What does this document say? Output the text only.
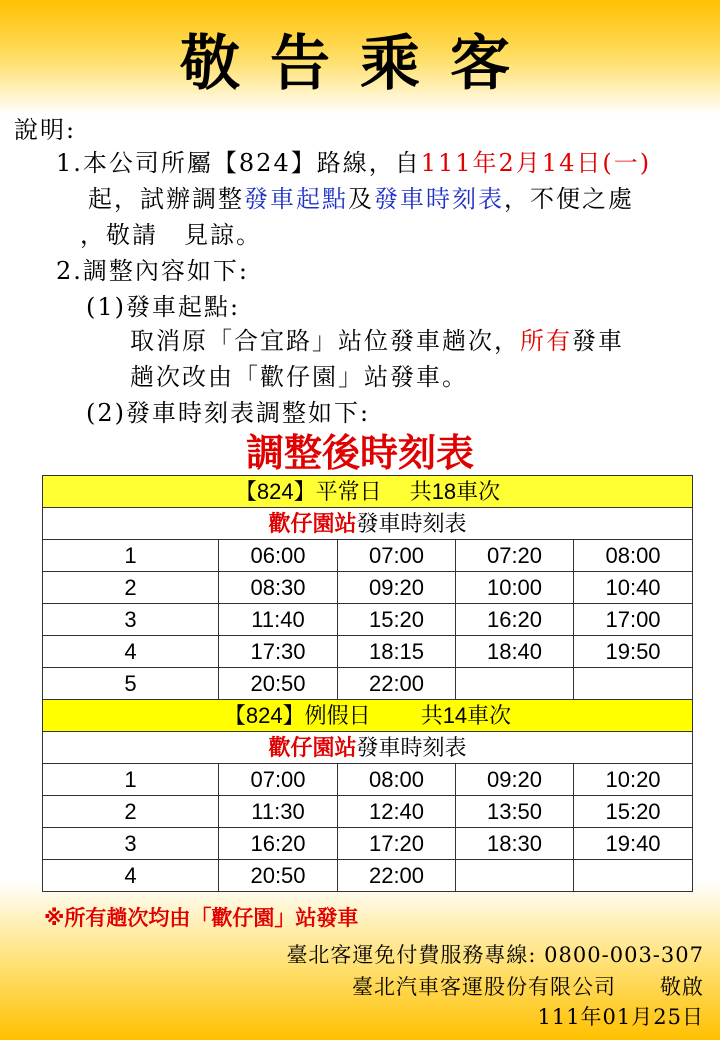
敬告乘客
說明:
1.本公司所屬【824】路線，自111年2月14日(一)
起，試辦調整發車起點及發車時刻表，不便之處
，敬請　見諒。
2.調整內容如下:
(1)發車起點:
取消原「合宜路」站位發車趟次，所有發車
趟次改由「歡仔園」站發車。
(2)發車時刻表調整如下:
調整後時刻表
【824】平常日　 共18車次				
歡仔園站發車時刻表				
1	06:00	07:00	07:20	08:00
2	08:30	09:20	10:00	10:40
3	11:40	15:20	16:20	17:00
4	17:30	18:15	18:40	19:50
5	20:50	22:00		
【824】例假日　 　共14車次				
歡仔園站發車時刻表				
1	07:00	08:00	09:20	10:20
2	11:30	12:40	13:50	15:20
3	16:20	17:20	18:30	19:40
4	20:50	22:00		
※所有趟次均由「歡仔園」站發車
臺北客運免付費服務專線: 0800-003-307
臺北汽車客運股份有限公司　　敬啟
111年01月25日
